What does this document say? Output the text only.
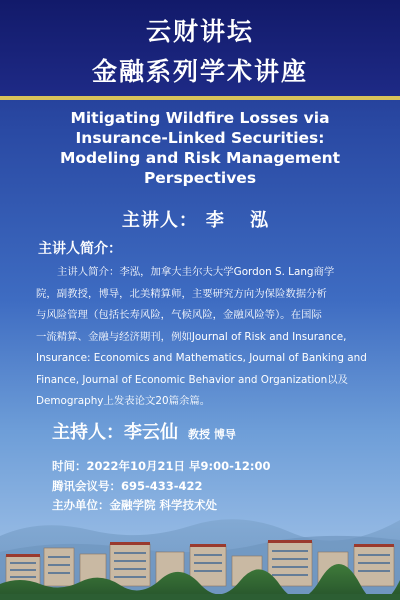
云财讲坛
金融系列学术讲座
Mitigating Wildfire Losses via
Insurance-Linked Securities:
Modeling and Risk Management
Perspectives
主讲人： 李 泓
主讲人简介：
主讲人简介：李泓，加拿大圭尔夫大学Gordon S. Lang商学
院，副教授，博导，北美精算师，主要研究方向为保险数据分析
与风险管理（包括长寿风险，气候风险，金融风险等）。在国际
一流精算、金融与经济期刊，例如Journal of Risk and Insurance,
Insurance: Economics and Mathematics, Journal of Banking and
Finance, Journal of Economic Behavior and Organization以及
Demography上发表论文20篇余篇。
主持人：李云仙 教授 博导
时间：2022年10月21日 早9:00-12:00
腾讯会议号：695-433-422
主办单位：金融学院 科学技术处
